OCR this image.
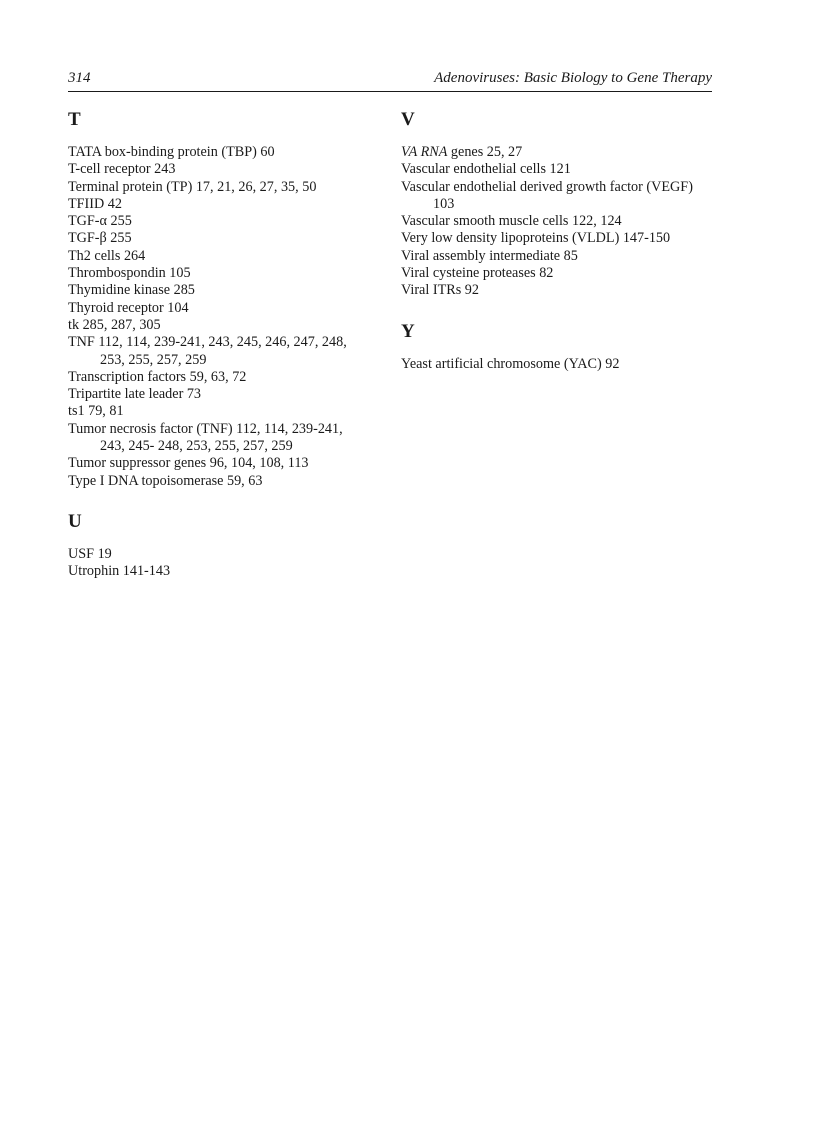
314	Adenoviruses: Basic Biology to Gene Therapy
T
TATA box-binding protein (TBP) 60
T-cell receptor 243
Terminal protein (TP) 17, 21, 26, 27, 35, 50
TFIID 42
TGF-α 255
TGF-β 255
Th2 cells 264
Thrombospondin 105
Thymidine kinase 285
Thyroid receptor 104
tk 285, 287, 305
TNF 112, 114, 239-241, 243, 245, 246, 247, 248, 253, 255, 257, 259
Transcription factors 59, 63, 72
Tripartite late leader 73
ts1 79, 81
Tumor necrosis factor (TNF) 112, 114, 239-241, 243, 245- 248, 253, 255, 257, 259
Tumor suppressor genes 96, 104, 108, 113
Type I DNA topoisomerase 59, 63
U
USF 19
Utrophin 141-143
V
VA RNA genes 25, 27
Vascular endothelial cells 121
Vascular endothelial derived growth factor (VEGF) 103
Vascular smooth muscle cells 122, 124
Very low density lipoproteins (VLDL) 147-150
Viral assembly intermediate 85
Viral cysteine proteases 82
Viral ITRs 92
Y
Yeast artificial chromosome (YAC) 92
